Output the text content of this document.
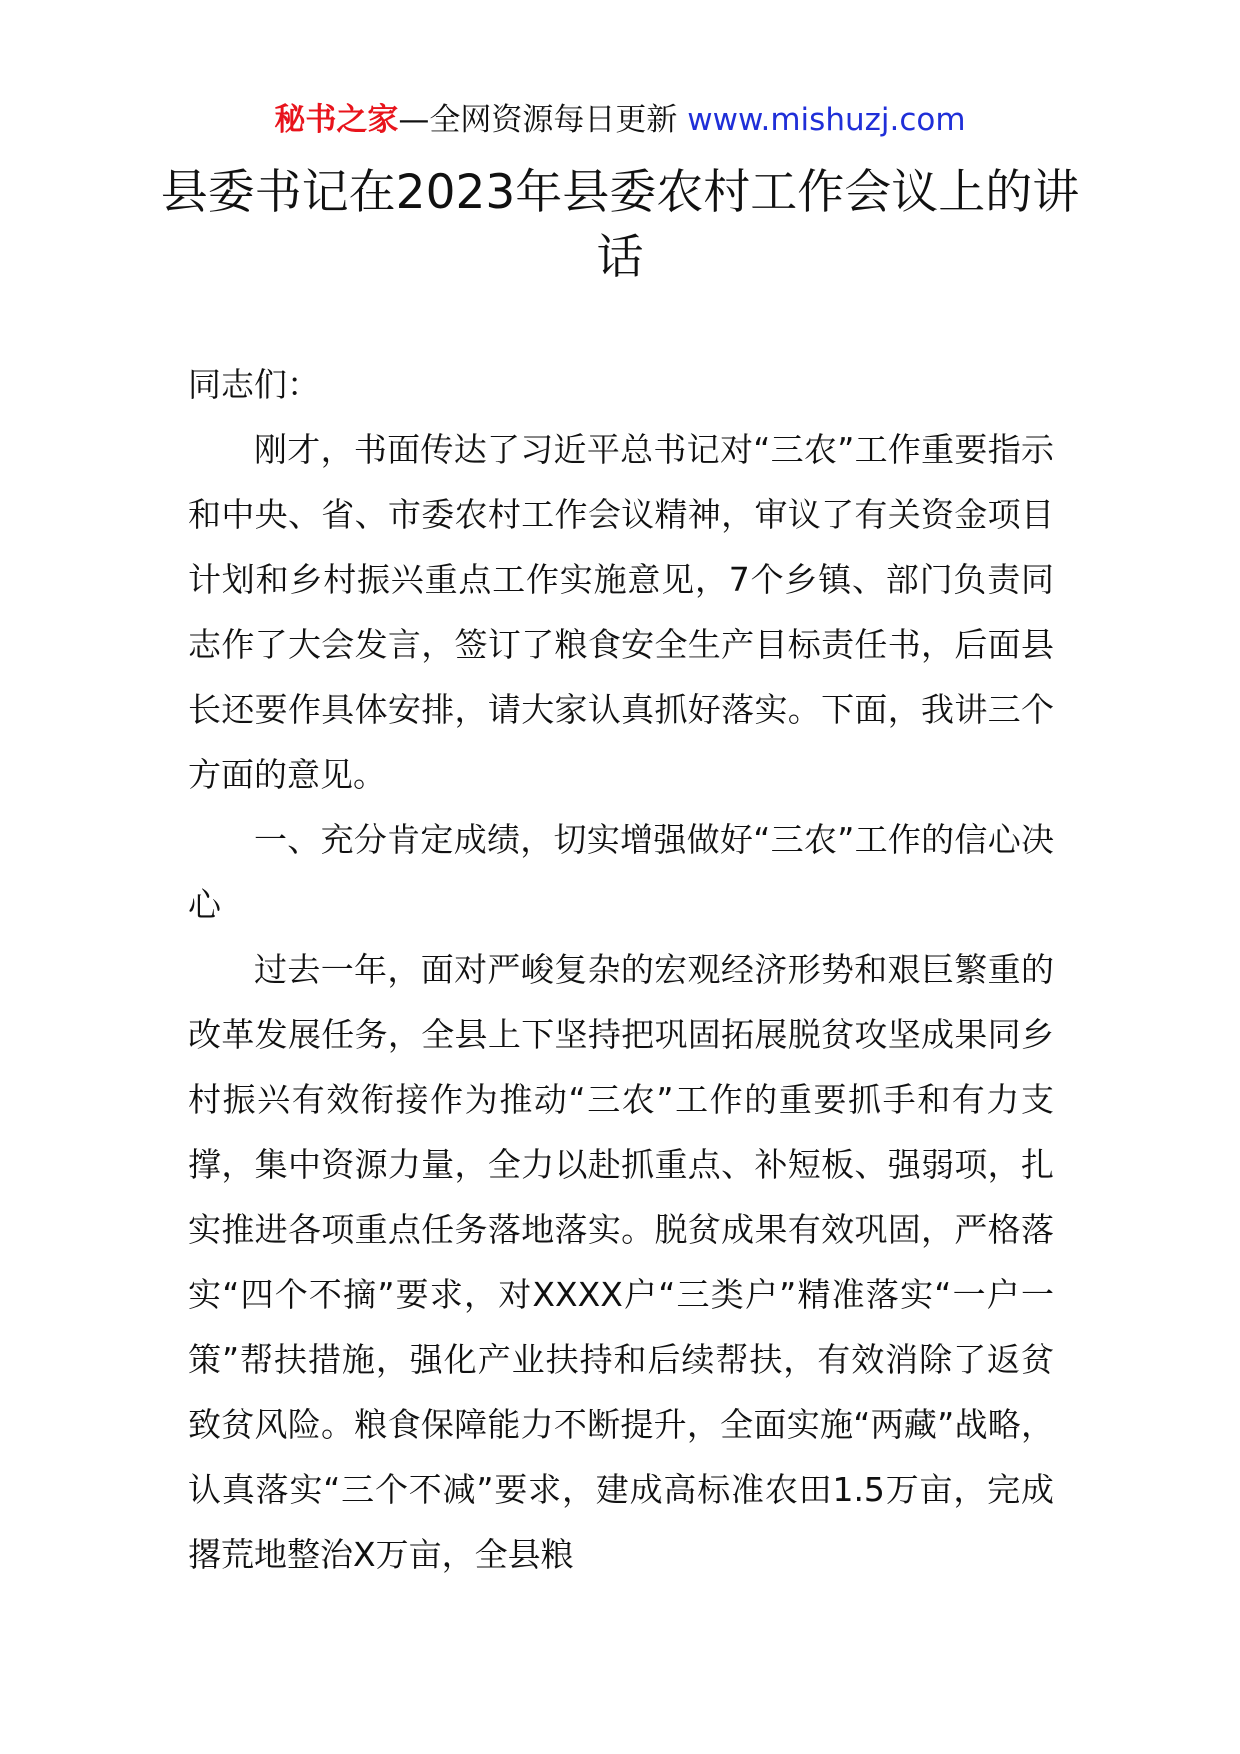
秘书之家—全网资源每日更新 www.mishuzj.com
县委书记在2023年县委农村工作会议上的讲话

同志们：

刚才，书面传达了习近平总书记对“三农”工作重要指示和中央、省、市委农村工作会议精神，审议了有关资金项目计划和乡村振兴重点工作实施意见，7个乡镇、部门负责同志作了大会发言，签订了粮食安全生产目标责任书，后面县长还要作具体安排，请大家认真抓好落实。下面，我讲三个方面的意见。

一、充分肯定成绩，切实增强做好“三农”工作的信心决心

过去一年，面对严峻复杂的宏观经济形势和艰巨繁重的改革发展任务，全县上下坚持把巩固拓展脱贫攻坚成果同乡村振兴有效衔接作为推动“三农”工作的重要抓手和有力支撑，集中资源力量，全力以赴抓重点、补短板、强弱项，扎实推进各项重点任务落地落实。脱贫成果有效巩固，严格落实“四个不摘”要求，对XXXX户“三类户”精准落实“一户一策”帮扶措施，强化产业扶持和后续帮扶，有效消除了返贫致贫风险。粮食保障能力不断提升，全面实施“两藏”战略，认真落实“三个不减”要求，建成高标准农田1.5万亩，完成撂荒地整治X万亩，全县粮
